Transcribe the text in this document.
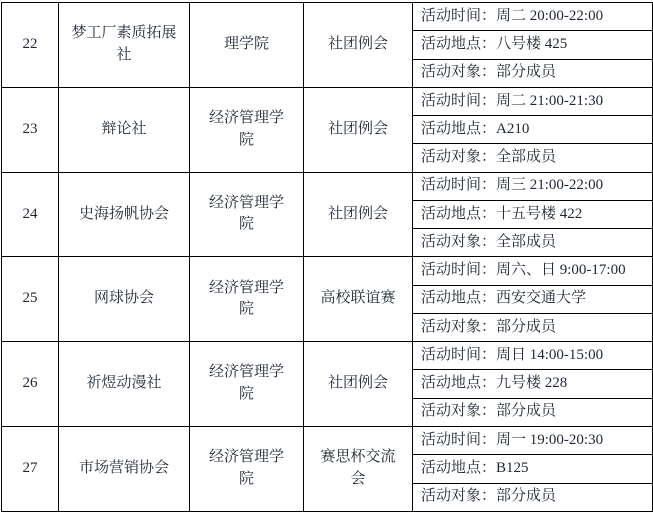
22	梦工厂素质拓展社	理学院	社团例会	活动时间：周二 20:00-22:00
				活动地点：八号楼 425
				活动对象：部分成员
23	辩论社	经济管理学院	社团例会	活动时间：周二 21:00-21:30
				活动地点：A210
				活动对象：全部成员
24	史海扬帆协会	经济管理学院	社团例会	活动时间：周三 21:00-22:00
				活动地点：十五号楼 422
				活动对象：全部成员
25	网球协会	经济管理学院	高校联谊赛	活动时间：周六、日 9:00-17:00
				活动地点：西安交通大学
				活动对象：部分成员
26	祈煜动漫社	经济管理学院	社团例会	活动时间：周日 14:00-15:00
				活动地点：九号楼 228
				活动对象：部分成员
27	市场营销协会	经济管理学院	赛思杯交流会	活动时间：周一 19:00-20:30
				活动地点：B125
				活动对象：部分成员
